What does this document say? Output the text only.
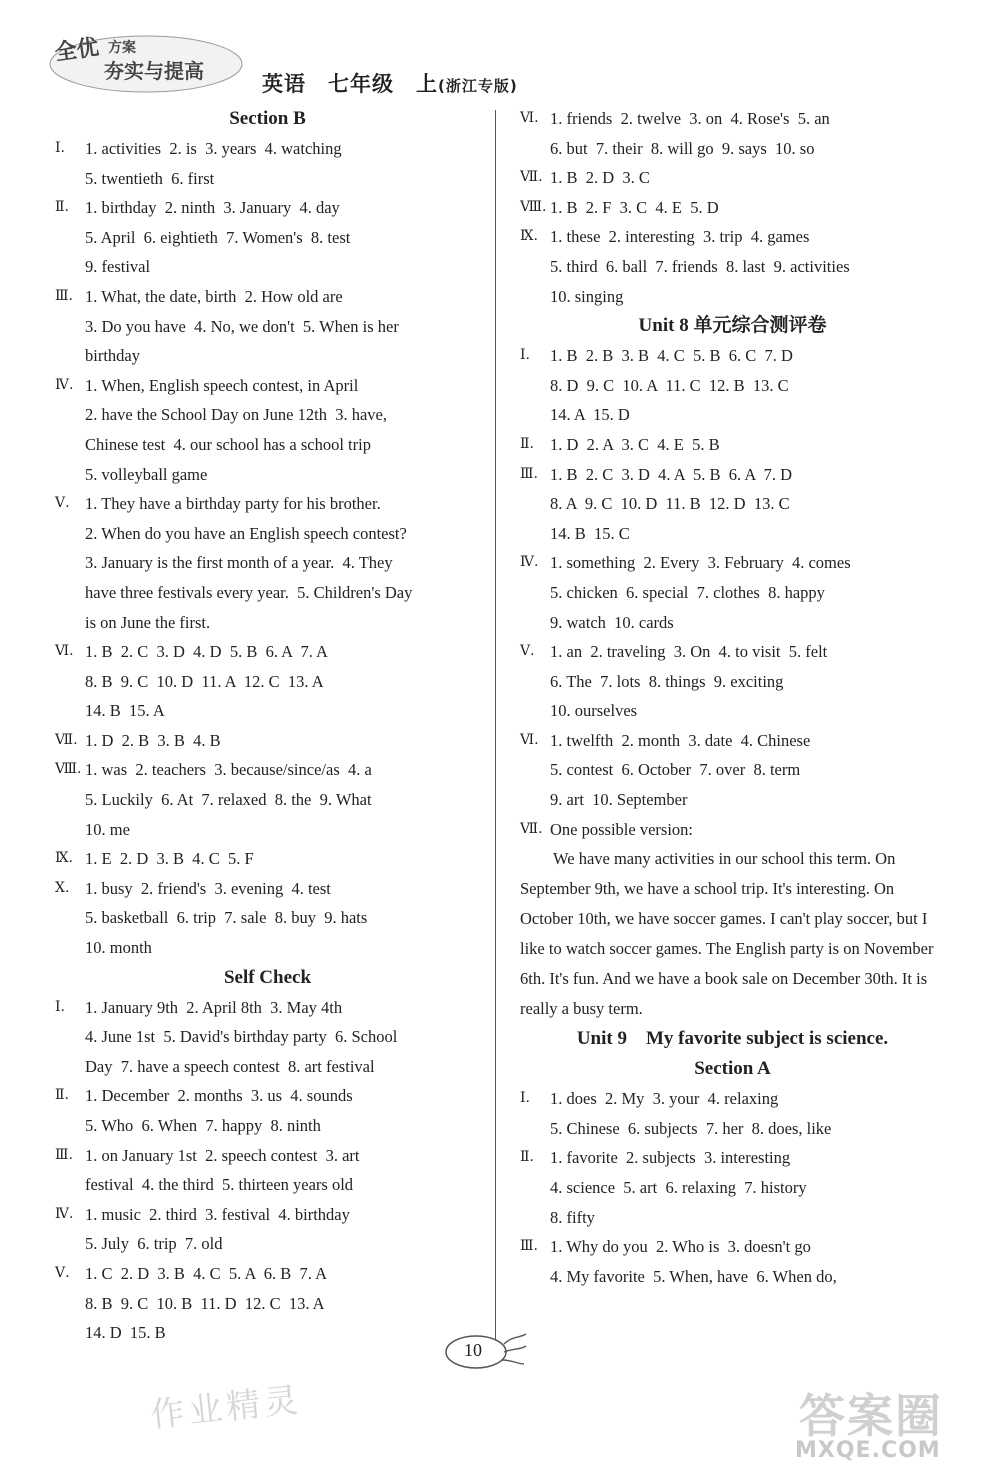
全优 方案
夯实与提高
英语　七年级　上(浙江专版)
Section B
Ⅰ.	1. activities  2. is  3. years  4. watching
5. twentieth  6. first
Ⅱ. 1. birthday  2. ninth  3. January  4. day
5. April  6. eightieth  7. Women's  8. test
9. festival
Ⅲ. 1. What, the date, birth  2. How old are
3. Do you have  4. No, we don't  5. When is her
birthday
Ⅳ. 1. When, English speech contest, in April
2. have the School Day on June 12th  3. have,
Chinese test  4. our school has a school trip
5. volleyball game
Ⅴ. 1. They have a birthday party for his brother.
2. When do you have an English speech contest?
3. January is the first month of a year.  4. They
have three festivals every year.  5. Children's Day
is on June the first.
Ⅵ. 1. B  2. C  3. D  4. D  5. B  6. A  7. A
8. B  9. C  10. D  11. A  12. C  13. A
14. B  15. A
Ⅶ. 1. D  2. B  3. B  4. B
Ⅷ. 1. was  2. teachers  3. because/since/as  4. a
5. Luckily  6. At  7. relaxed  8. the  9. What
10. me
Ⅸ. 1. E  2. D  3. B  4. C  5. F
Ⅹ. 1. busy  2. friend's  3. evening  4. test
5. basketball  6. trip  7. sale  8. buy  9. hats
10. month
Self Check
Ⅰ.	1. January 9th  2. April 8th  3. May 4th
4. June 1st  5. David's birthday party  6. School
Day  7. have a speech contest  8. art festival
Ⅱ. 1. December  2. months  3. us  4. sounds
5. Who  6. When  7. happy  8. ninth
Ⅲ. 1. on January 1st  2. speech contest  3. art
festival  4. the third  5. thirteen years old
Ⅳ. 1. music  2. third  3. festival  4. birthday
5. July  6. trip  7. old
Ⅴ. 1. C  2. D  3. B  4. C  5. A  6. B  7. A
8. B  9. C  10. B  11. D  12. C  13. A
14. D  15. B
Ⅵ. 1. friends  2. twelve  3. on  4. Rose's  5. an
6. but  7. their  8. will go  9. says  10. so
Ⅶ. 1. B  2. D  3. C
Ⅷ. 1. B  2. F  3. C  4. E  5. D
Ⅸ. 1. these  2. interesting  3. trip  4. games
5. third  6. ball  7. friends  8. last  9. activities
10. singing
Unit 8 单元综合测评卷
Ⅰ.	1. B  2. B  3. B  4. C  5. B  6. C  7. D
8. D  9. C  10. A  11. C  12. B  13. C
14. A  15. D
Ⅱ. 1. D  2. A  3. C  4. E  5. B
Ⅲ. 1. B  2. C  3. D  4. A  5. B  6. A  7. D
8. A  9. C  10. D  11. B  12. D  13. C
14. B  15. C
Ⅳ. 1. something  2. Every  3. February  4. comes
5. chicken  6. special  7. clothes  8. happy
9. watch  10. cards
Ⅴ. 1. an  2. traveling  3. On  4. to visit  5. felt
6. The  7. lots  8. things  9. exciting
10. ourselves
Ⅵ. 1. twelfth  2. month  3. date  4. Chinese
5. contest  6. October  7. over  8. term
9. art  10. September
Ⅶ. One possible version:
　　We have many activities in our school this term. On September 9th, we have a school trip. It's interesting. On October 10th, we have soccer games. I can't play soccer, but I like to watch soccer games. The English party is on November 6th. It's fun. And we have a book sale on December 30th. It is really a busy term.
Unit 9　My favorite subject is science.
Section A
Ⅰ.	1. does  2. My  3. your  4. relaxing
5. Chinese  6. subjects  7. her  8. does, like
Ⅱ. 1. favorite  2. subjects  3. interesting
4. science  5. art  6. relaxing  7. history
8. fifty
Ⅲ. 1. Why do you  2. Who is  3. doesn't go
4. My favorite  5. When, have  6. When do,
10
作业精灵	答案圈
MXQE.COM
